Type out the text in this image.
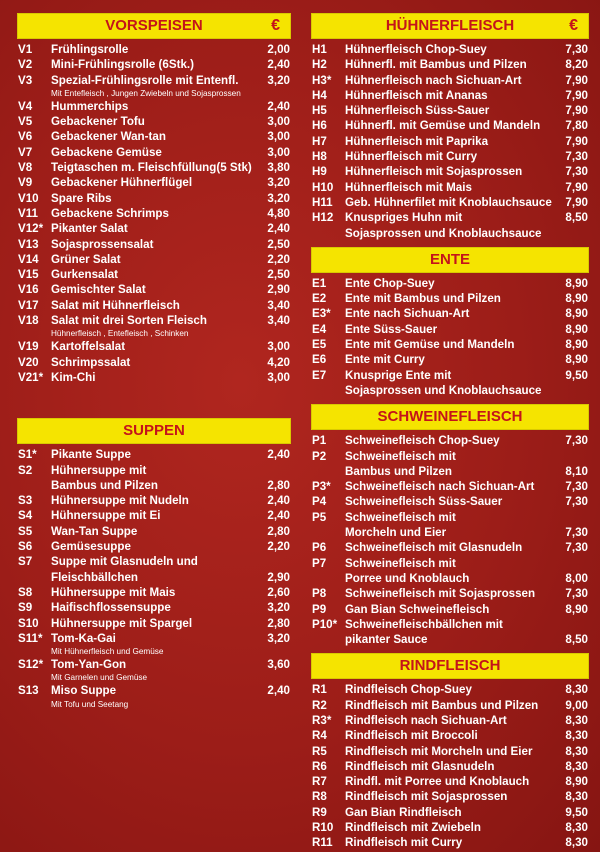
VORSPEISEN	€
V1	Frühlingsrolle	2,00
V2	Mini-Frühlingsrolle (6Stk.)	2,40
V3	Spezial-Frühlingsrolle mit Entenfl.	3,20
Mit Entefleisch , Jungen Zwiebeln und Sojasprossen
V4	Hummerchips	2,40
V5	Gebackener Tofu	3,00
V6	Gebackener Wan-tan	3,00
V7	Gebackene Gemüse	3,00
V8	Teigtaschen m. Fleischfüllung(5 Stk)	3,80
V9	Gebackener Hühnerflügel	3,20
V10	Spare Ribs	3,20
V11	Gebackene Schrimps	4,80
V12* Pikanter Salat	2,40
V13	Sojasprossensalat	2,50
V14	Grüner Salat	2,20
V15	Gurkensalat	2,50
V16	Gemischter Salat	2,90
V17	Salat mit Hühnerfleisch	3,40
V18	Salat mit drei Sorten Fleisch	3,40
Hühnerfleisch , Entefleisch , Schinken
V19	Kartoffelsalat	3,00
V20	Schrimpssalat	4,20
V21* Kim-Chi	3,00
SUPPEN
S1*	Pikante Suppe	2,40
S2	Hühnersuppe mit
Bambus und Pilzen	2,80
S3	Hühnersuppe mit Nudeln	2,40
S4	Hühnersuppe mit Ei	2,40
S5	Wan-Tan Suppe	2,80
S6	Gemüsesuppe	2,20
S7	Suppe mit Glasnudeln und
Fleischbällchen	2,90
S8	Hühnersuppe mit Mais	2,60
S9	Haifischflossensuppe	3,20
S10	Hühnersuppe mit Spargel	2,80
S11* Tom-Ka-Gai	3,20
Mit Hühnerfleisch und Gemüse
S12* Tom-Yan-Gon	3,60
Mit Garnelen und Gemüse
S13	Miso Suppe	2,40
Mit Tofu und Seetang
HÜHNERFLEISCH	€
H1	Hühnerfleisch Chop-Suey	7,30
H2	Hühnerfl. mit Bambus und Pilzen	8,20
H3*	Hühnerfleisch nach Sichuan-Art	7,90
H4	Hühnerfleisch mit Ananas	7,90
H5	Hühnerfleisch Süss-Sauer	7,90
H6	Hühnerfl. mit Gemüse und Mandeln	7,80
H7	Hühnerfleisch mit Paprika	7,90
H8	Hühnerfleisch mit Curry	7,30
H9	Hühnerfleisch mit Sojasprossen	7,30
H10	Hühnerfleisch mit Mais	7,90
H11	Geb. Hühnerfilet mit Knoblauchsauce	7,90
H12	Knuspriges Huhn mit	8,50
Sojasprossen und Knoblauchsauce
ENTE
E1	Ente Chop-Suey	8,90
E2	Ente mit Bambus und Pilzen	8,90
E3*	Ente nach Sichuan-Art	8,90
E4	Ente Süss-Sauer	8,90
E5	Ente mit Gemüse und Mandeln	8,90
E6	Ente mit Curry	8,90
E7	Knusprige Ente mit	9,50
Sojasprossen und Knoblauchsauce
SCHWEINEFLEISCH
P1	Schweinefleisch Chop-Suey	7,30
P2	Schweinefleisch mit
Bambus und Pilzen	8,10
P3*	Schweinefleisch nach Sichuan-Art	7,30
P4	Schweinefleisch Süss-Sauer	7,30
P5	Schweinefleisch mit
Morcheln und Eier	7,30
P6	Schweinefleisch mit Glasnudeln	7,30
P7	Schweinefleisch mit
Porree und Knoblauch	8,00
P8	Schweinefleisch mit Sojasprossen	7,30
P9	Gan Bian Schweinefleisch	8,90
P10* Schweinefleischbällchen mit
pikanter Sauce	8,50
RINDFLEISCH
R1	Rindfleisch Chop-Suey	8,30
R2	Rindfleisch mit Bambus und Pilzen	9,00
R3*	Rindfleisch nach Sichuan-Art	8,30
R4	Rindfleisch mit Broccoli	8,30
R5	Rindfleisch mit Morcheln und Eier	8,30
R6	Rindfleisch mit Glasnudeln	8,30
R7	Rindfl. mit Porree und Knoblauch	8,90
R8	Rindfleisch mit Sojasprossen	8,30
R9	Gan Bian Rindfleisch	9,50
R10	Rindfleisch mit Zwiebeln	8,30
R11	Rindfleisch mit Curry	8,30
